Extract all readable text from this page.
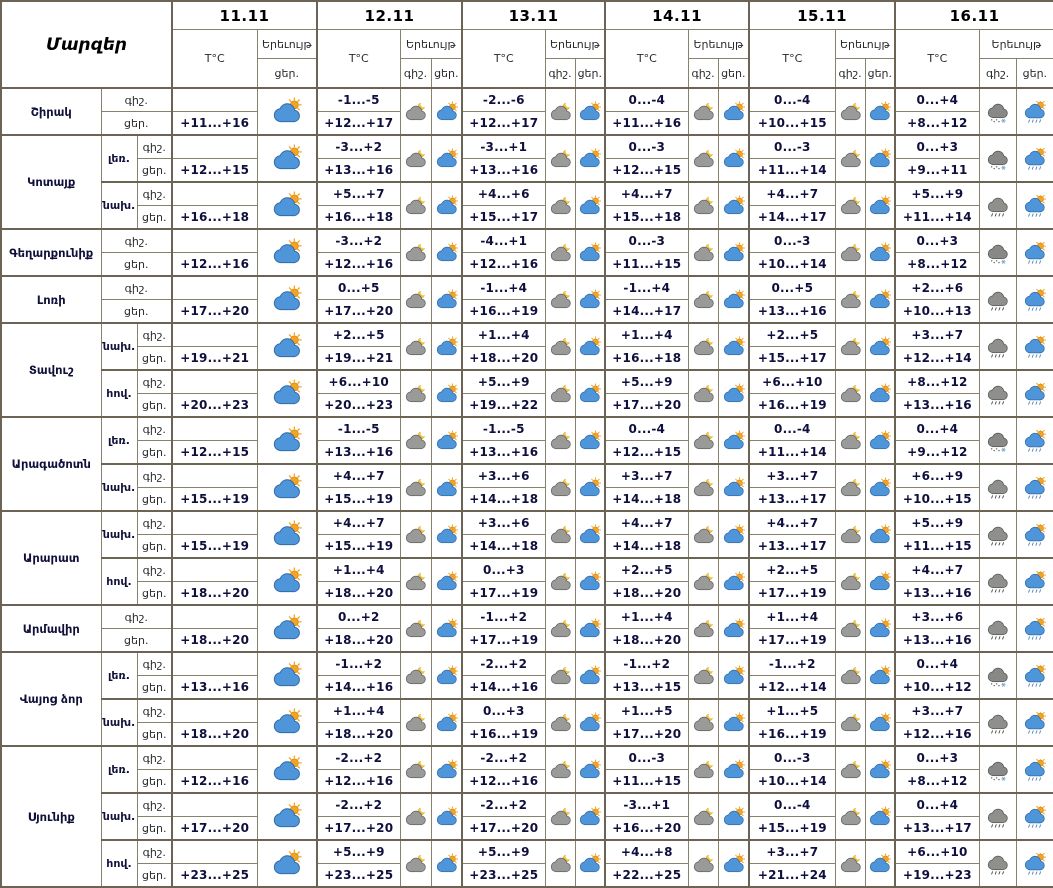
Մարզեր			11.11		12.11			13.11			14.11			15.11			16.11		
			T°C	Երեւույթ	T°C	Երեւույթ		T°C	Երեւույթ		T°C	Երեւույթ		T°C	Երեւույթ		T°C	Երեւույթ	
				ցեր.		գիշ.	ցեր.		գիշ.	ցեր.		գիշ.	ցեր.		գիշ.	ցեր.		գիշ.	ցեր.
Շիրակ	գիշ.				-1...-5			-2...-6			0...-4			0...-4			0...+4	

	ցեր.		+11...+16		+12...+17			+12...+17			+11...+16			+10...+15			+8...+12		
Կոտայք	լեռ.	գիշ.			-3...+2			-3...+1			0...-3			0...-3			0...+3	

		ցեր.	+12...+15		+13...+16			+13...+16			+12...+15			+11...+14			+9...+11		
	նախ.	գիշ.			+5...+7			+4...+6			+4...+7			+4...+7			+5...+9	

		ցեր.	+16...+18		+16...+18			+15...+17			+15...+18			+14...+17			+11...+14		
Գեղարքունիք	գիշ.				-3...+2			-4...+1			0...-3			0...-3			0...+3	

	ցեր.		+12...+16		+12...+16			+12...+16			+11...+15			+10...+14			+8...+12		
Լոռի	գիշ.				0...+5			-1...+4			-1...+4			0...+5			+2...+6	

	ցեր.		+17...+20		+17...+20			+16...+19			+14...+17			+13...+16			+10...+13		
Տավուշ	նախ.	գիշ.			+2...+5			+1...+4			+1...+4			+2...+5			+3...+7	

		ցեր.	+19...+21		+19...+21			+18...+20			+16...+18			+15...+17			+12...+14		
	հով.	գիշ.			+6...+10			+5...+9			+5...+9			+6...+10			+8...+12	

		ցեր.	+20...+23		+20...+23			+19...+22			+17...+20			+16...+19			+13...+16		
Արագածոտն	լեռ.	գիշ.			-1...-5			-1...-5			0...-4			0...-4			0...+4	

		ցեր.	+12...+15		+13...+16			+13...+16			+12...+15			+11...+14			+9...+12		
	նախ.	գիշ.			+4...+7			+3...+6			+3...+7			+3...+7			+6...+9	

		ցեր.	+15...+19		+15...+19			+14...+18			+14...+18			+13...+17			+10...+15		
Արարատ	նախ.	գիշ.			+4...+7			+3...+6			+4...+7			+4...+7			+5...+9	

		ցեր.	+15...+19		+15...+19			+14...+18			+14...+18			+13...+17			+11...+15		
	հով.	գիշ.			+1...+4			0...+3			+2...+5			+2...+5			+4...+7	

		ցեր.	+18...+20		+18...+20			+17...+19			+18...+20			+17...+19			+13...+16		
Արմավիր	գիշ.				0...+2			-1...+2			+1...+4			+1...+4			+3...+6	

	ցեր.		+18...+20		+18...+20			+17...+19			+18...+20			+17...+19			+13...+16		
Վայոց ձոր	լեռ.	գիշ.			-1...+2			-2...+2			-1...+2			-1...+2			0...+4	

		ցեր.	+13...+16		+14...+16			+14...+16			+13...+15			+12...+14			+10...+12		
	նախ.	գիշ.			+1...+4			0...+3			+1...+5			+1...+5			+3...+7	

		ցեր.	+18...+20		+18...+20			+16...+19			+17...+20			+16...+19			+12...+16		
Սյունիք	լեռ.	գիշ.			-2...+2			-2...+2			0...-3			0...-3			0...+3	

		ցեր.	+12...+16		+12...+16			+12...+16			+11...+15			+10...+14			+8...+12		
	նախ.	գիշ.			-2...+2			-2...+2			-3...+1			0...-4			0...+4	

		ցեր.	+17...+20		+17...+20			+17...+20			+16...+20			+15...+19			+13...+17		
	հով.	գիշ.			+5...+9			+5...+9			+4...+8			+3...+7			+6...+10	

		ցեր.	+23...+25		+23...+25			+23...+25			+22...+25			+21...+24			+19...+23		
